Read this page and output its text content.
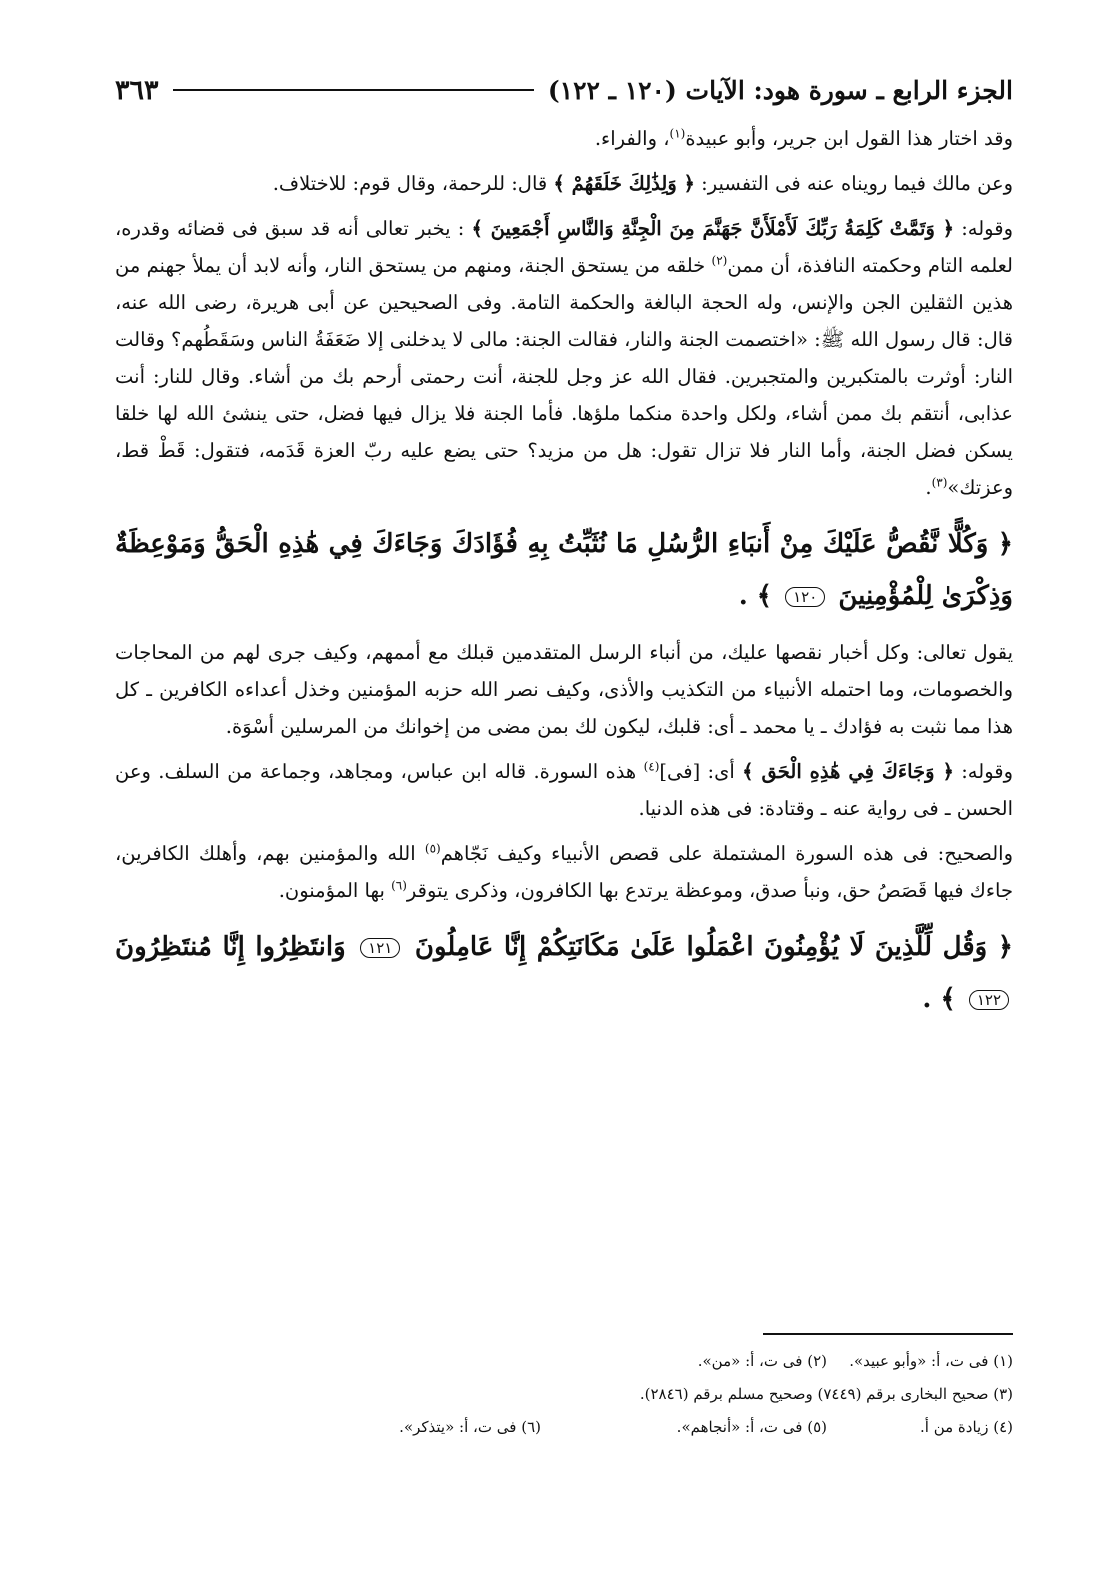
الجزء الرابع ـ سورة هود: الآيات (١٢٠ ـ ١٢٢)
٣٦٣

وقد اختار هذا القول ابن جرير، وأبو عبيدة$^{(١)}$، والفراء.

وعن مالك فيما رويناه عنه فى التفسير: ﴿ وَلِذَٰلِكَ خَلَقَهُمْ ﴾ قال: للرحمة، وقال قوم: للاختلاف.

وقوله: ﴿ وَتَمَّتْ كَلِمَةُ رَبِّكَ لَأَمْلَأَنَّ جَهَنَّمَ مِنَ الْجِنَّةِ وَالنَّاسِ أَجْمَعِينَ ﴾ : يخبر تعالى أنه قد سبق فى قضائه وقدره، لعلمه التام وحكمته النافذة، أن ممن$^{(٢)}$ خلقه من يستحق الجنة، ومنهم من يستحق النار، وأنه لابد أن يملأ جهنم من هذين الثقلين الجن والإنس، وله الحجة البالغة والحكمة التامة. وفى الصحيحين عن أبى هريرة، رضى الله عنه، قال: قال رسول الله ﷺ: «اختصمت الجنة والنار، فقالت الجنة: مالى لا يدخلنى إلا ضَعَفَةُ الناس وسَقَطُهم؟ وقالت النار: أوثرت بالمتكبرين والمتجبرين. فقال الله عز وجل للجنة، أنت رحمتى أرحم بك من أشاء. وقال للنار: أنت عذابى، أنتقم بك ممن أشاء، ولكل واحدة منكما ملؤها. فأما الجنة فلا يزال فيها فضل، حتى ينشئ الله لها خلقا يسكن فضل الجنة، وأما النار فلا تزال تقول: هل من مزيد؟ حتى يضع عليه ربّ العزة قَدَمه، فتقول: قَطْ قط، وعزتك»$^{(٣)}$.

﴿ وَكُلًّا نَّقُصُّ عَلَيْكَ مِنْ أَنبَاءِ الرُّسُلِ مَا نُثَبِّتُ بِهِ فُؤَادَكَ وَجَاءَكَ فِي هَٰذِهِ الْحَقُّ وَمَوْعِظَةٌ وَذِكْرَىٰ لِلْمُؤْمِنِينَ ١٢٠ ﴾ .

يقول تعالى: وكل أخبار نقصها عليك، من أنباء الرسل المتقدمين قبلك مع أممهم، وكيف جرى لهم من المحاجات والخصومات، وما احتمله الأنبياء من التكذيب والأذى، وكيف نصر الله حزبه المؤمنين وخذل أعداءه الكافرين ـ كل هذا مما نثبت به فؤادك ـ يا محمد ـ أى: قلبك، ليكون لك بمن مضى من إخوانك من المرسلين أسْوَة.

وقوله: ﴿ وَجَاءَكَ فِي هَٰذِهِ الْحَق ﴾ أى: [فى]$^{(٤)}$ هذه السورة. قاله ابن عباس، ومجاهد، وجماعة من السلف. وعن الحسن ـ فى رواية عنه ـ وقتادة: فى هذه الدنيا.

والصحيح: فى هذه السورة المشتملة على قصص الأنبياء وكيف نَجّاهم$^{(٥)}$ الله والمؤمنين بهم، وأهلك الكافرين، جاءك فيها قَصَصُ حق، ونبأ صدق، وموعظة يرتدع بها الكافرون، وذكرى يتوقر$^{(٦)}$ بها المؤمنون.

﴿ وَقُل لِّلَّذِينَ لَا يُؤْمِنُونَ اعْمَلُوا عَلَىٰ مَكَانَتِكُمْ إِنَّا عَامِلُونَ ١٢١ وَانتَظِرُوا إِنَّا مُنتَظِرُونَ١٢٢ ﴾ .

(١) فى ت، أ: «وأبو عبيد».
(٢) فى ت، أ: «من».
(٣) صحيح البخارى برقم (٧٤٤٩) وصحيح مسلم برقم (٢٨٤٦).
(٤) زيادة من أ.
(٥) فى ت، أ: «أنجاهم».
(٦) فى ت، أ: «يتذكر».
